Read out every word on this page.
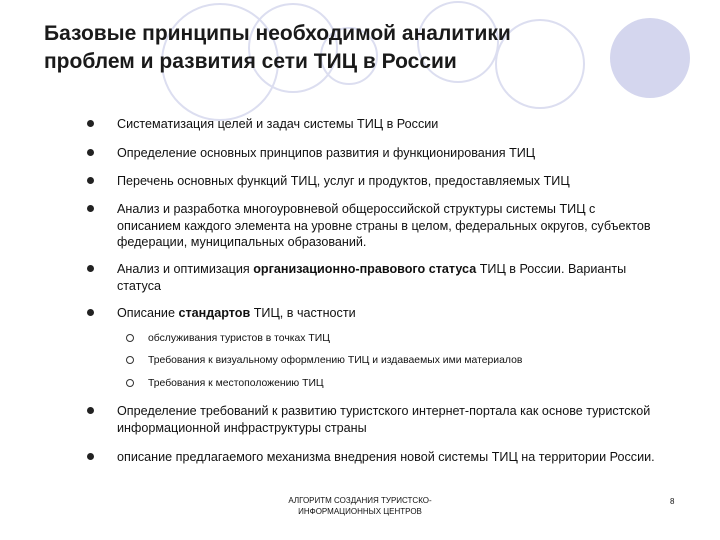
Базовые принципы необходимой аналитики
проблем и развития сети ТИЦ в России
Систематизация целей и задач системы ТИЦ в России
Определение основных принципов развития и функционирования ТИЦ
Перечень основных функций ТИЦ, услуг и продуктов, предоставляемых ТИЦ
Анализ и разработка многоуровневой общероссийской структуры системы ТИЦ с описанием каждого элемента на уровне страны в целом, федеральных округов, субъектов федерации, муниципальных образований.
Анализ и оптимизация организационно-правового статуса ТИЦ в России. Варианты статуса
Описание стандартов ТИЦ, в частности
обслуживания туристов в точках ТИЦ
Требования к визуальному оформлению ТИЦ и издаваемых ими материалов
Требования к местоположению ТИЦ
Определение требований к развитию туристского интернет-портала как основе туристской информационной инфраструктуры страны
описание предлагаемого механизма внедрения новой системы ТИЦ на территории России.
АЛГОРИТМ СОЗДАНИЯ ТУРИСТСКО-
ИНФОРМАЦИОННЫХ ЦЕНТРОВ
8
